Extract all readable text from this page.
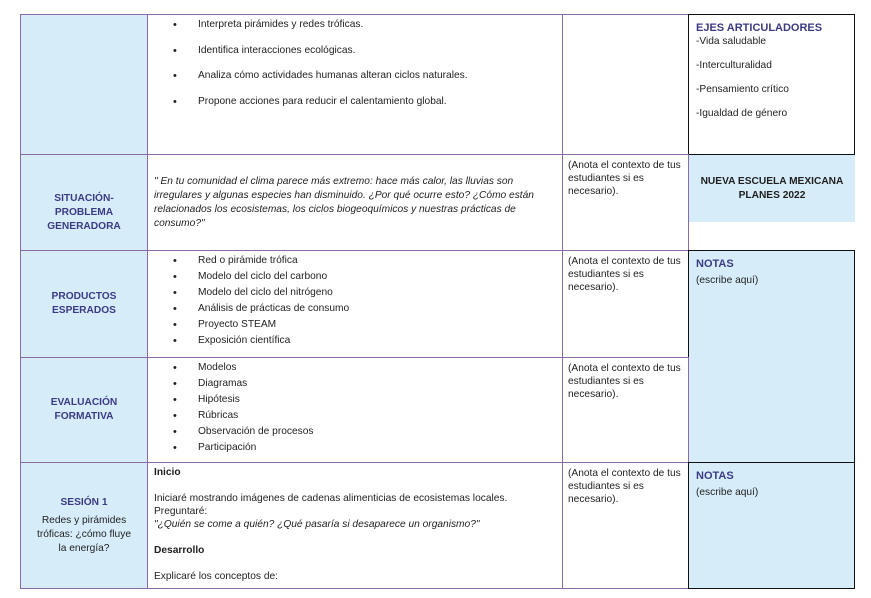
• Interpreta pirámides y redes tróficas.
• Identifica interacciones ecológicas.
• Analiza cómo actividades humanas alteran ciclos naturales.
• Propone acciones para reducir el calentamiento global.
EJES ARTICULADORES
-Vida saludable
-Interculturalidad
-Pensamiento crítico
-Igualdad de género
SITUACIÓN-PROBLEMA GENERADORA
" En tu comunidad el clima parece más extremo: hace más calor, las lluvias son irregulares y algunas especies han disminuido. ¿Por qué ocurre esto? ¿Cómo están relacionados los ecosistemas, los ciclos biogeoquímicos y nuestras prácticas de consumo?"
(Anota el contexto de tus estudiantes si es necesario).
NUEVA ESCUELA MEXICANA
PLANES 2022
PRODUCTOS ESPERADOS
• Red o pirámide trófica
• Modelo del ciclo del carbono
• Modelo del ciclo del nitrógeno
• Análisis de prácticas de consumo
• Proyecto STEAM
• Exposición científica
(Anota el contexto de tus estudiantes si es necesario).
NOTAS
(escribe aquí)
EVALUACIÓN FORMATIVA
• Modelos
• Diagramas
• Hipótesis
• Rúbricas
• Observación de procesos
• Participación
(Anota el contexto de tus estudiantes si es necesario).
SESIÓN 1
Redes y pirámides tróficas: ¿cómo fluye la energía?

Inicio

Iniciaré mostrando imágenes de cadenas alimenticias de ecosistemas locales.

Preguntaré:

"¿Quién se come a quién? ¿Qué pasaría si desaparece un organismo?"

Desarrollo

Explicaré los conceptos de:

(Anota el contexto de tus estudiantes si es necesario).
NOTAS
(escribe aquí)
